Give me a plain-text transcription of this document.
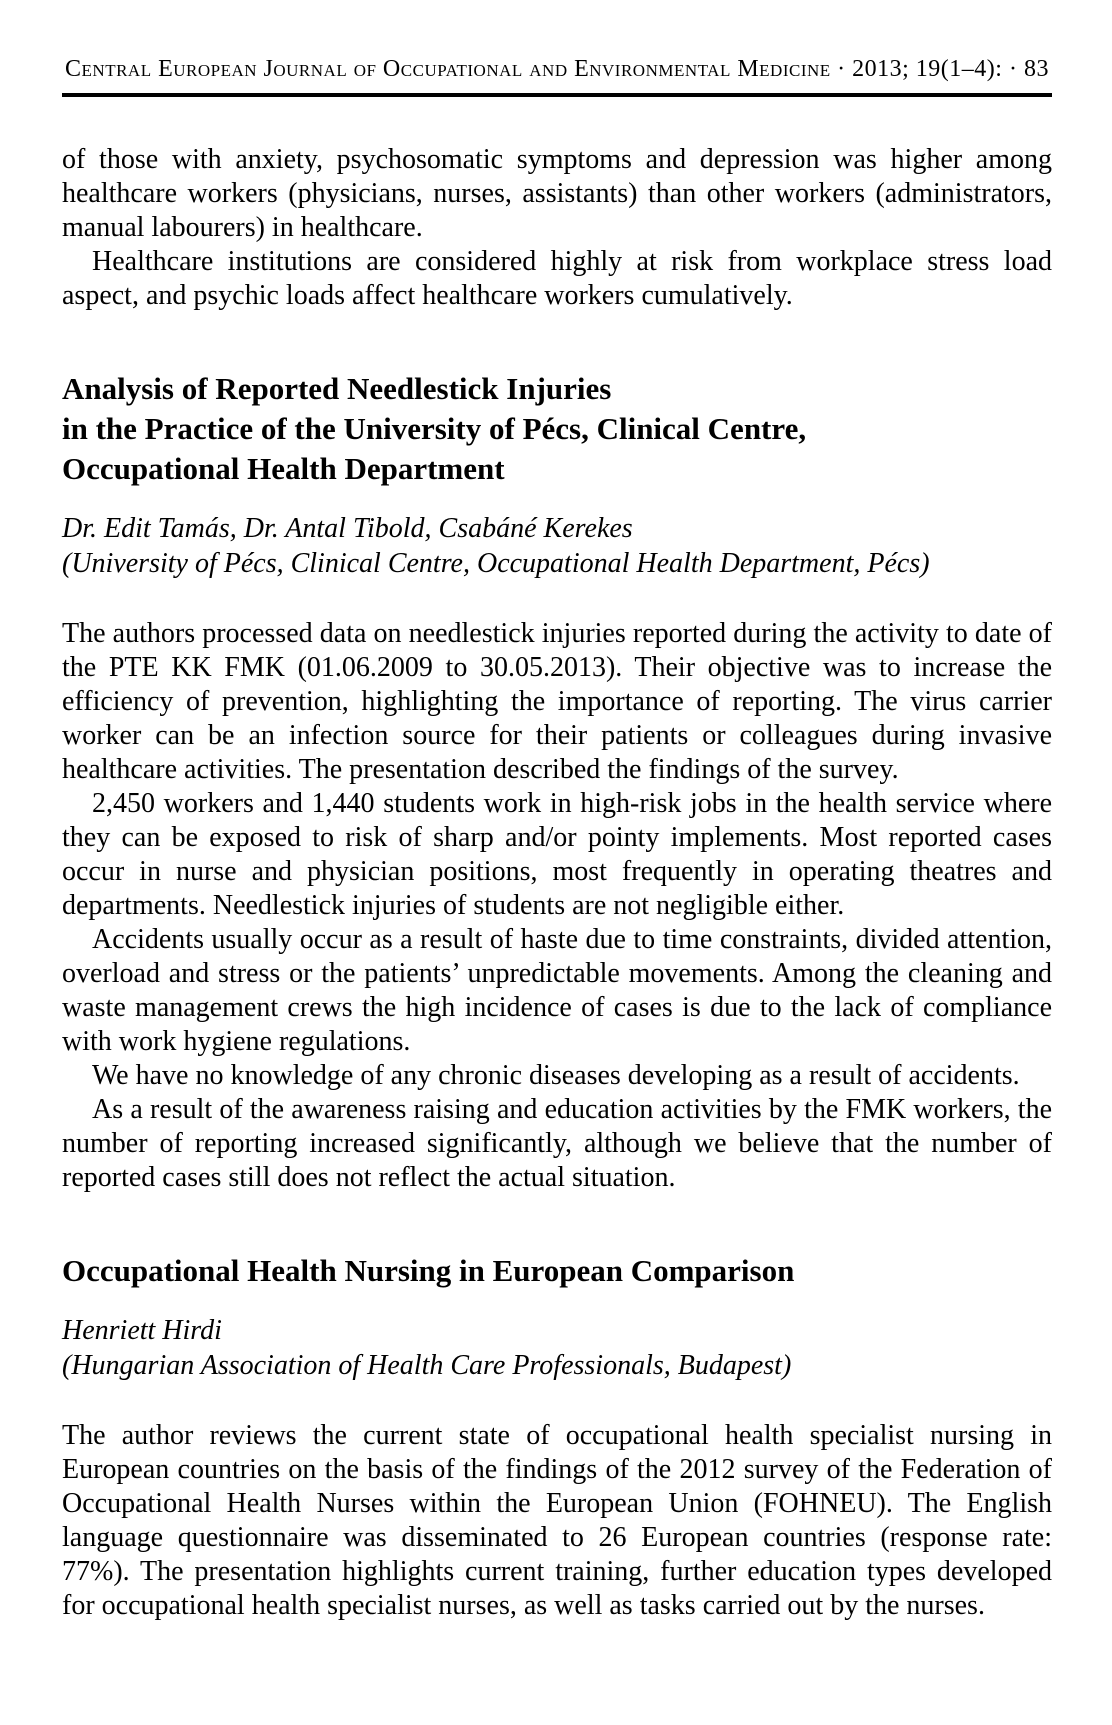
Central European Journal of Occupational and Environmental Medicine · 2013; 19(1–4): · 83

of those with anxiety, psychosomatic symptoms and depression was higher among healthcare workers (physicians, nurses, assistants) than other workers (administrators, manual labourers) in healthcare.

Healthcare institutions are considered highly at risk from workplace stress load aspect, and psychic loads affect healthcare workers cumulatively.

Analysis of Reported Needlestick Injuries
in the Practice of the University of Pécs, Clinical Centre,
Occupational Health Department
Dr. Edit Tamás, Dr. Antal Tibold, Csabáné Kerekes
(University of Pécs, Clinical Centre, Occupational Health Department, Pécs)

The authors processed data on needlestick injuries reported during the activity to date of the PTE KK FMK (01.06.2009 to 30.05.2013). Their objective was to increase the efficiency of prevention, highlighting the importance of reporting. The virus carrier worker can be an infection source for their patients or colleagues during invasive healthcare activities. The presentation described the findings of the survey.

2,450 workers and 1,440 students work in high-risk jobs in the health service where they can be exposed to risk of sharp and/or pointy implements. Most reported cases occur in nurse and physician positions, most frequently in operating theatres and departments. Needlestick injuries of students are not negligible either.

Accidents usually occur as a result of haste due to time constraints, divided attention, overload and stress or the patients’ unpredictable movements. Among the cleaning and waste management crews the high incidence of cases is due to the lack of compliance with work hygiene regulations.

We have no knowledge of any chronic diseases developing as a result of accidents.

As a result of the awareness raising and education activities by the FMK workers, the number of reporting increased significantly, although we believe that the number of reported cases still does not reflect the actual situation.

Occupational Health Nursing in European Comparison
Henriett Hirdi
(Hungarian Association of Health Care Professionals, Budapest)

The author reviews the current state of occupational health specialist nursing in European countries on the basis of the findings of the 2012 survey of the Federation of Occupational Health Nurses within the European Union (FOHNEU). The English language questionnaire was disseminated to 26 European countries (response rate: 77%). The presentation highlights current training, further education types developed for occupational health specialist nurses, as well as tasks carried out by the nurses.
